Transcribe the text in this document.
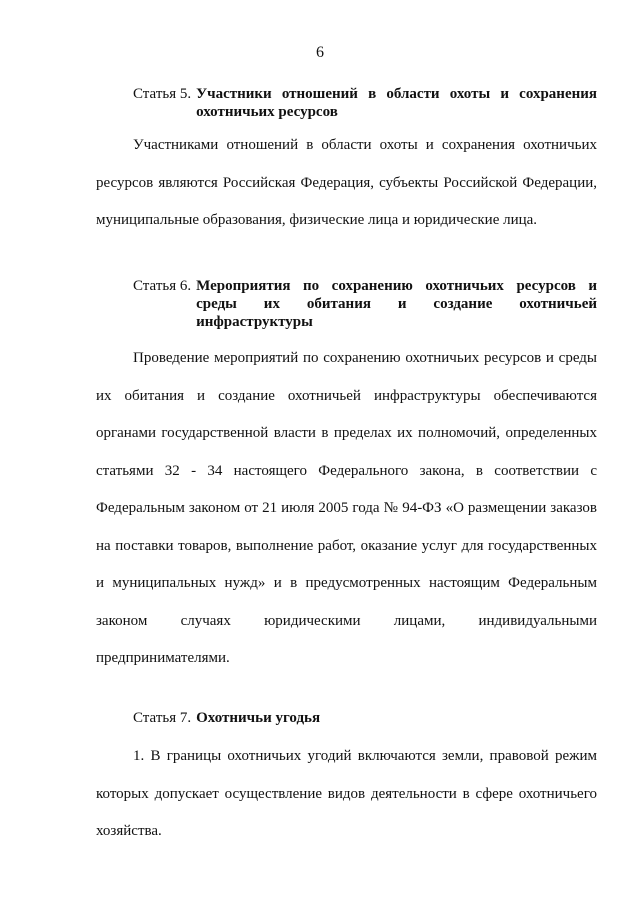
6
Статья 5. Участники отношений в области охоты и сохранения охотничьих ресурсов

Участниками отношений в области охоты и сохранения охотничьих ресурсов являются Российская Федерация, субъекты Российской Федерации, муниципальные образования, физические лица и юридические лица.

Статья 6. Мероприятия по сохранению охотничьих ресурсов и среды их обитания и создание охотничьей инфраструктуры

Проведение мероприятий по сохранению охотничьих ресурсов и среды их обитания и создание охотничьей инфраструктуры обеспечиваются органами государственной власти в пределах их полномочий, определенных статьями 32 - 34 настоящего Федерального закона, в соответствии с Федеральным законом от 21 июля 2005 года № 94-ФЗ «О размещении заказов на поставки товаров, выполнение работ, оказание услуг для государственных и муниципальных нужд» и в предусмотренных настоящим Федеральным законом случаях юридическими лицами, индивидуальными предпринимателями.

Статья 7. Охотничьи угодья

1. В границы охотничьих угодий включаются земли, правовой режим которых допускает осуществление видов деятельности в сфере охотничьего хозяйства.
